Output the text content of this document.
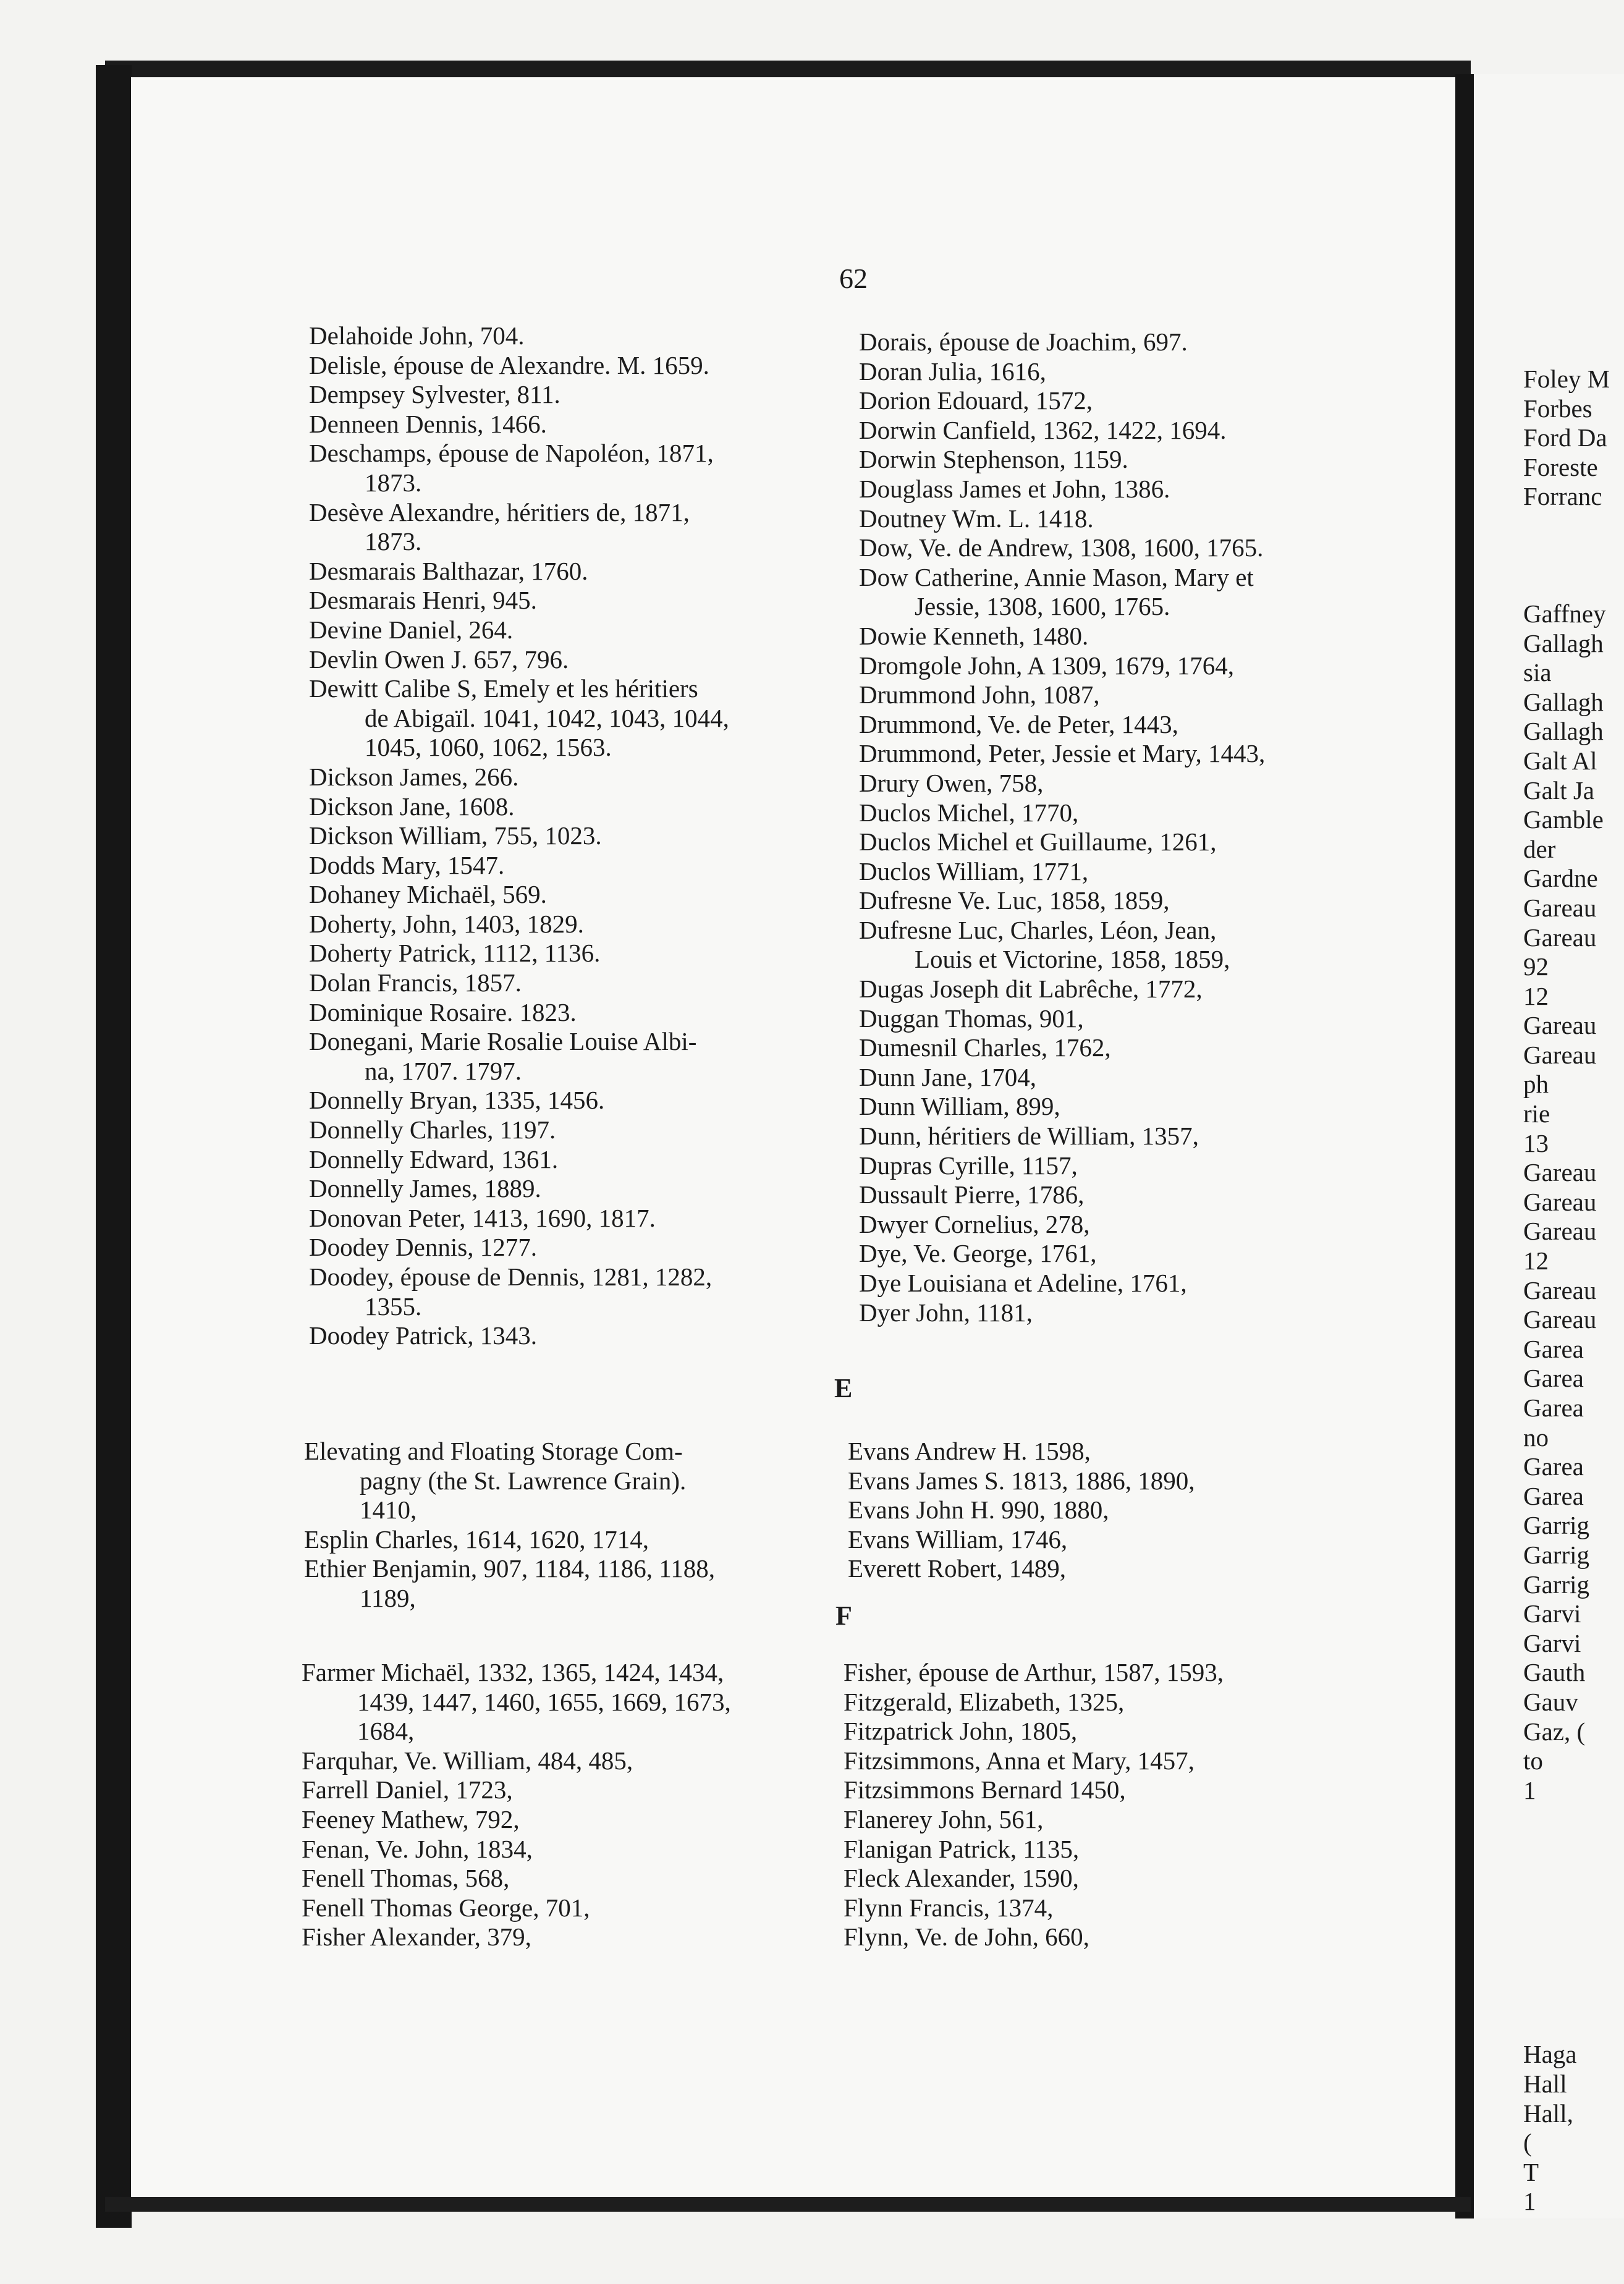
62
Delahoide John, 704.
Delisle, épouse de Alexandre. M. 1659.
Dempsey Sylvester, 811.
Denneen Dennis, 1466.
Deschamps, épouse de Napoléon, 1871,
1873.
Desève Alexandre, héritiers de, 1871,
1873.
Desmarais Balthazar, 1760.
Desmarais Henri, 945.
Devine Daniel, 264.
Devlin Owen J. 657, 796.
Dewitt Calibe S, Emely et les héritiers
de Abigaïl. 1041, 1042, 1043, 1044,
1045, 1060, 1062, 1563.
Dickson James, 266.
Dickson Jane, 1608.
Dickson William, 755, 1023.
Dodds Mary, 1547.
Dohaney Michaël, 569.
Doherty, John, 1403, 1829.
Doherty Patrick, 1112, 1136.
Dolan Francis, 1857.
Dominique Rosaire. 1823.
Donegani, Marie Rosalie Louise Albi-
na, 1707. 1797.
Donnelly Bryan, 1335, 1456.
Donnelly Charles, 1197.
Donnelly Edward, 1361.
Donnelly James, 1889.
Donovan Peter, 1413, 1690, 1817.
Doodey Dennis, 1277.
Doodey, épouse de Dennis, 1281, 1282,
1355.
Doodey Patrick, 1343.
Dorais, épouse de Joachim, 697.
Doran Julia, 1616,
Dorion Edouard, 1572,
Dorwin Canfield, 1362, 1422, 1694.
Dorwin Stephenson, 1159.
Douglass James et John, 1386.
Doutney Wm. L. 1418.
Dow, Ve. de Andrew, 1308, 1600, 1765.
Dow Catherine, Annie Mason, Mary et
Jessie, 1308, 1600, 1765.
Dowie Kenneth, 1480.
Dromgole John, A 1309, 1679, 1764,
Drummond John, 1087,
Drummond, Ve. de Peter, 1443,
Drummond, Peter, Jessie et Mary, 1443,
Drury Owen, 758,
Duclos Michel, 1770,
Duclos Michel et Guillaume, 1261,
Duclos William, 1771,
Dufresne Ve. Luc, 1858, 1859,
Dufresne Luc, Charles, Léon, Jean,
Louis et Victorine, 1858, 1859,
Dugas Joseph dit Labrêche, 1772,
Duggan Thomas, 901,
Dumesnil Charles, 1762,
Dunn Jane, 1704,
Dunn William, 899,
Dunn, héritiers de William, 1357,
Dupras Cyrille, 1157,
Dussault Pierre, 1786,
Dwyer Cornelius, 278,
Dye, Ve. George, 1761,
Dye Louisiana et Adeline, 1761,
Dyer John, 1181,
E
Elevating and Floating Storage Com-
pagny (the St. Lawrence Grain).
1410,
Esplin Charles, 1614, 1620, 1714,
Ethier Benjamin, 907, 1184, 1186, 1188,
1189,
Evans Andrew H. 1598,
Evans James S. 1813, 1886, 1890,
Evans John H. 990, 1880,
Evans William, 1746,
Everett Robert, 1489,
F
Farmer Michaël, 1332, 1365, 1424, 1434,
1439, 1447, 1460, 1655, 1669, 1673,
1684,
Farquhar, Ve. William, 484, 485,
Farrell Daniel, 1723,
Feeney Mathew, 792,
Fenan, Ve. John, 1834,
Fenell Thomas, 568,
Fenell Thomas George, 701,
Fisher Alexander, 379,
Fisher, épouse de Arthur, 1587, 1593,
Fitzgerald, Elizabeth, 1325,
Fitzpatrick John, 1805,
Fitzsimmons, Anna et Mary, 1457,
Fitzsimmons Bernard 1450,
Flanerey John, 561,
Flanigan Patrick, 1135,
Fleck Alexander, 1590,
Flynn Francis, 1374,
Flynn, Ve. de John, 660,
Foley M
Forbes
Ford Da
Foreste
Forranc
Gaffney
Gallagh
sia
Gallagh
Gallagh
Galt Al
Galt Ja
Gamble
der
Gardne
Gareau
Gareau
92
12
Gareau
Gareau
ph
rie
13
Gareau
Gareau
Gareau
12
Gareau
Gareau
Garea
Garea
Garea
no
Garea
Garea
Garrig
Garrig
Garrig
Garvi
Garvi
Gauth
Gauv
Gaz, (
to
1
Haga
Hall
Hall,
(
T
1
